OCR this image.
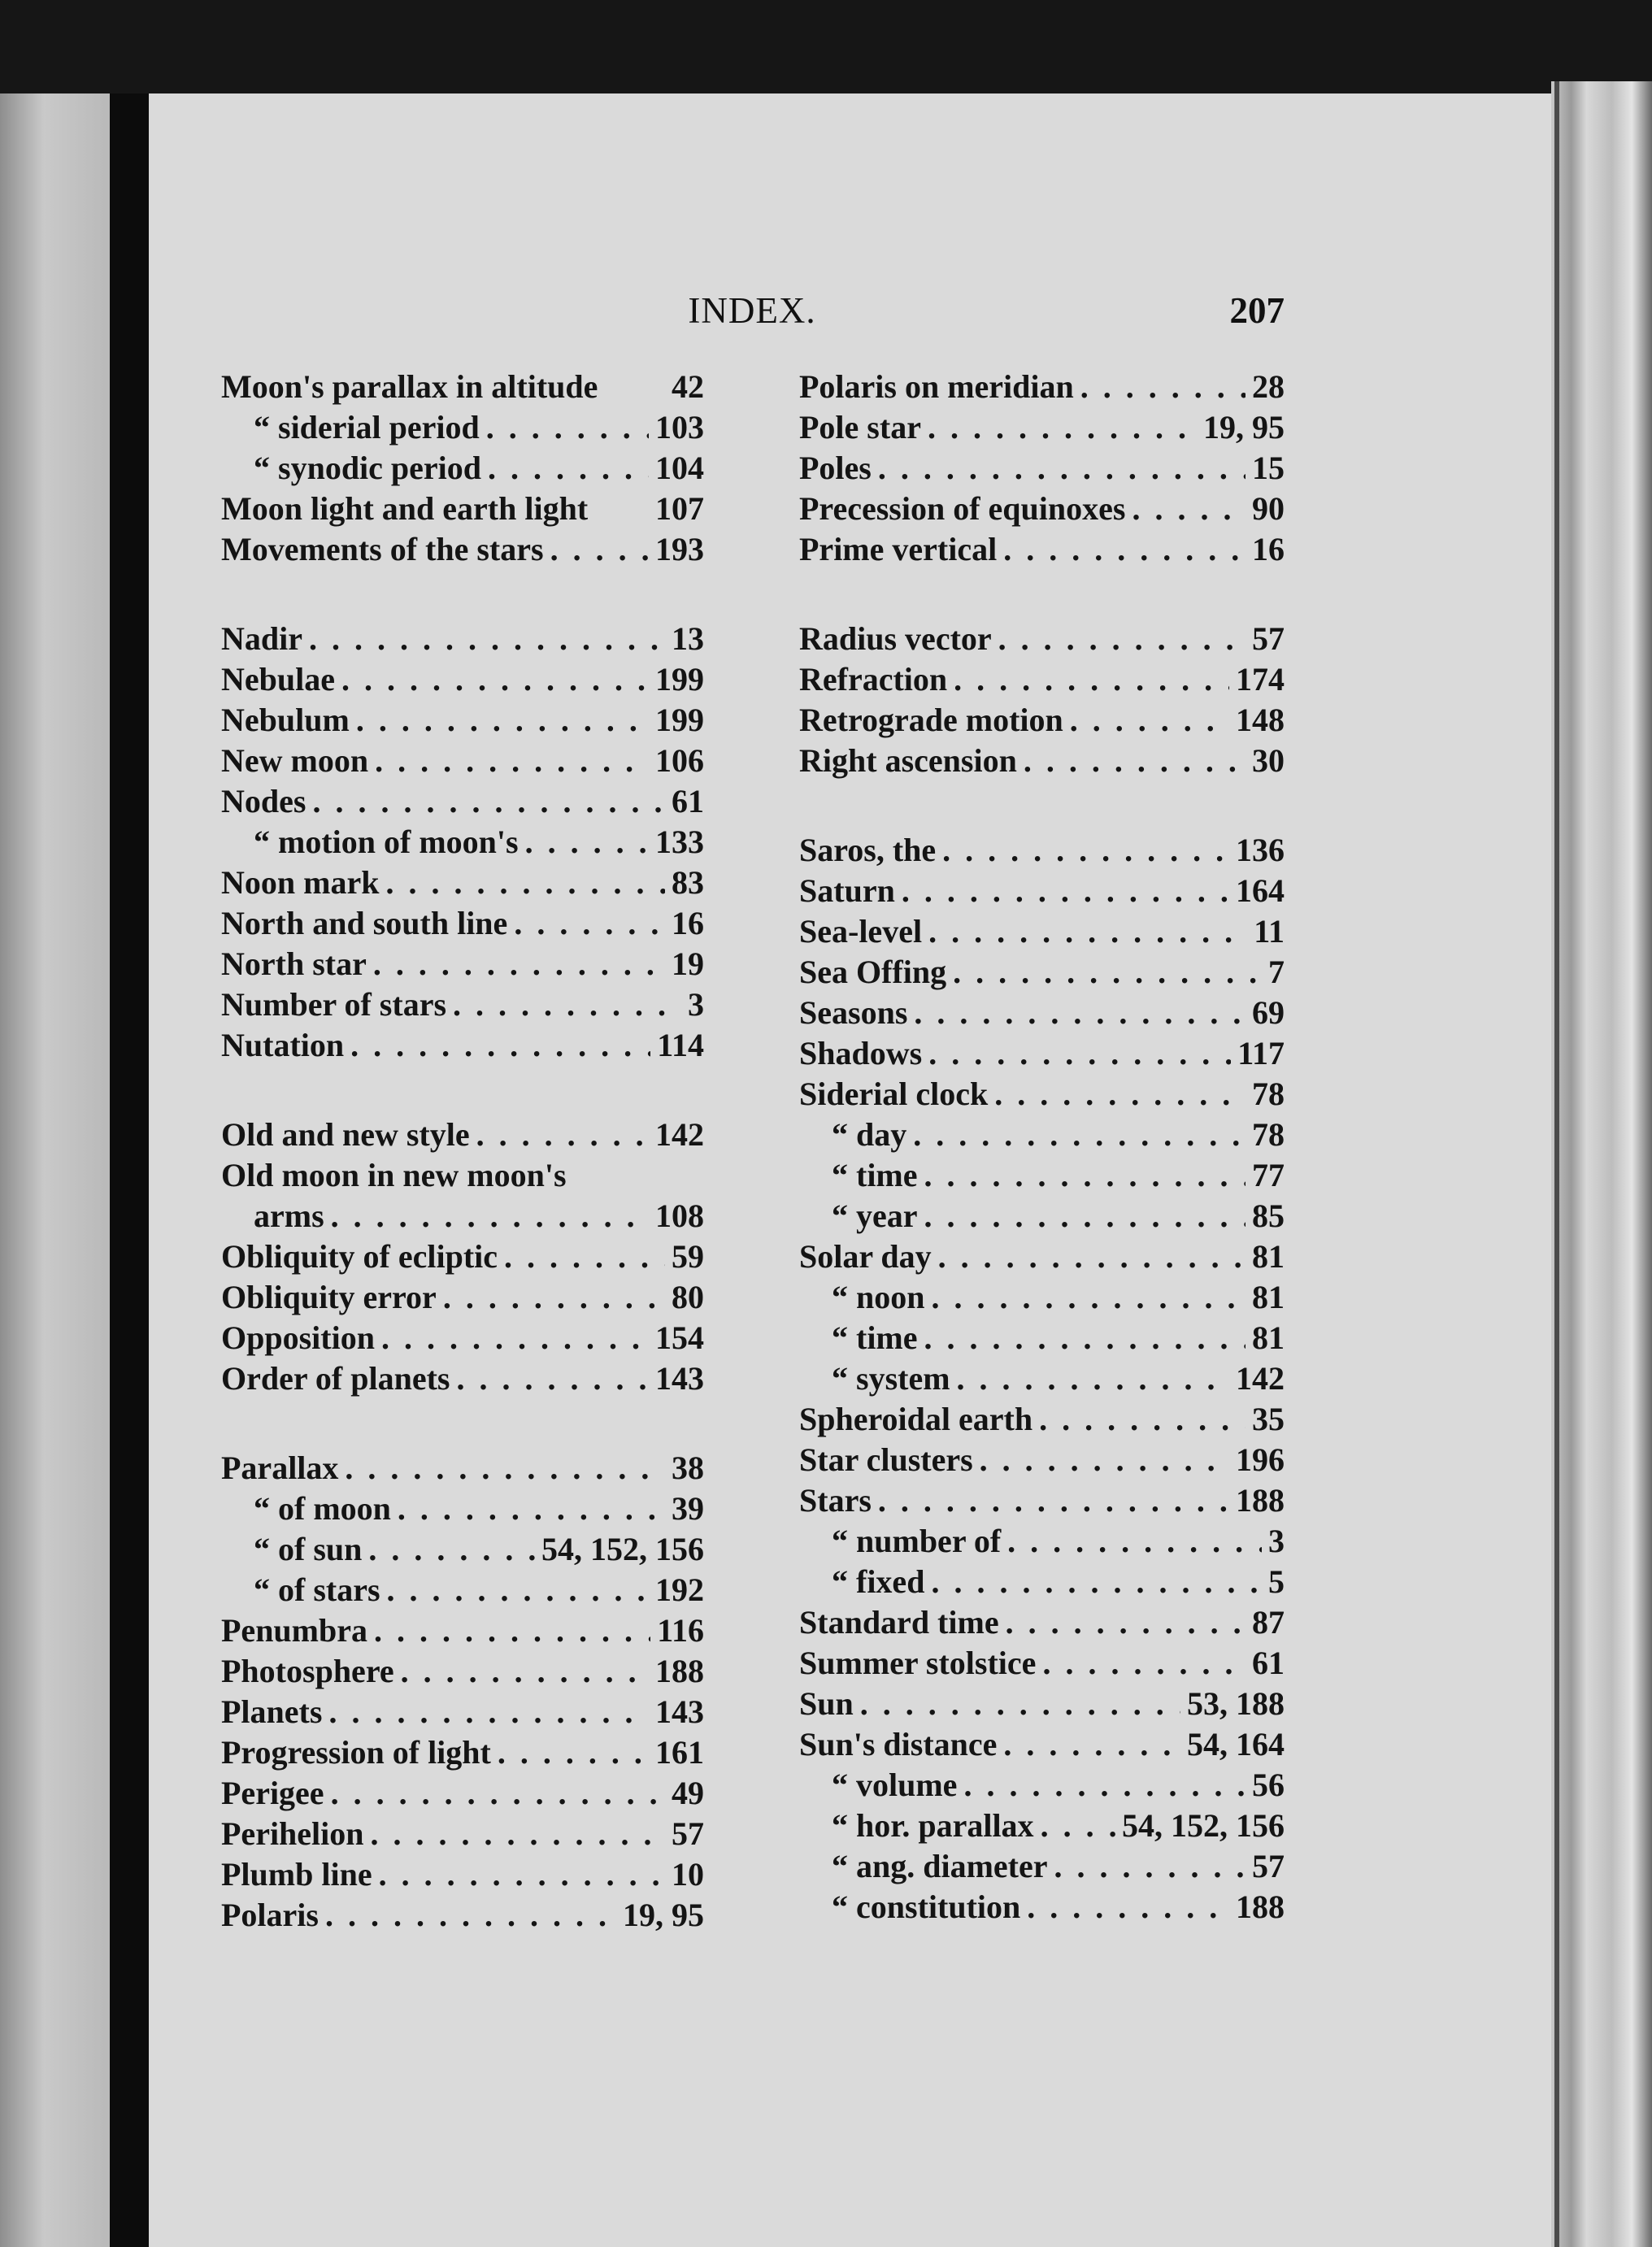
INDEX.	207
Moon's parallax in altitude 42
“ siderial period . . .	103
“ synodic period . . .	104
Moon light and earth light 107
Movements of the stars . . .	193
Nadir . . .	13
Nebulae . . .	199
Nebulum . . .	199
New moon . . .	106
Nodes . . .	61
“ motion of moon's . . .	133
Noon mark . . .	83
North and south line . . .	16
North star . . .	19
Number of stars . . .	3
Nutation . . .	114
Old and new style . . .	142
Old moon in new moon's
arms . . .	108
Obliquity of ecliptic . . .	59
Obliquity error . . .	80
Opposition . . .	154
Order of planets . . .	143
Parallax . . .	38
“ of moon . . .	39
“ of sun . . .	54, 152, 156
“ of stars . . .	192
Penumbra . . .	116
Photosphere . . .	188
Planets . . .	143
Progression of light . . .	161
Perigee . . .	49
Perihelion . . .	57
Plumb line . . .	10
Polaris . . .	19, 95
Polaris on meridian . . .	28
Pole star . . .	19, 95
Poles . . .	15
Precession of equinoxes . . .	90
Prime vertical . . .	16
Radius vector . . .	57
Refraction . . .	174
Retrograde motion . . .	148
Right ascension . . .	30
Saros, the . . .	136
Saturn . . .	164
Sea-level . . .	11
Sea Offing . . .	7
Seasons . . .	69
Shadows . . .	117
Siderial clock . . .	78
“ day . . .	78
“ time . . .	77
“ year . . .	85
Solar day . . .	81
“ noon . . .	81
“ time . . .	81
“ system . . .	142
Spheroidal earth . . .	35
Star clusters . . .	196
Stars . . .	188
“ number of . . .	3
“ fixed . . .	5
Standard time . . .	87
Summer stolstice . . .	61
Sun . . .	53, 188
Sun's distance . . .	54, 164
“ volume . . .	56
“ hor. parallax . . .	54, 152, 156
“ ang. diameter . . .	57
“ constitution . . .	188
